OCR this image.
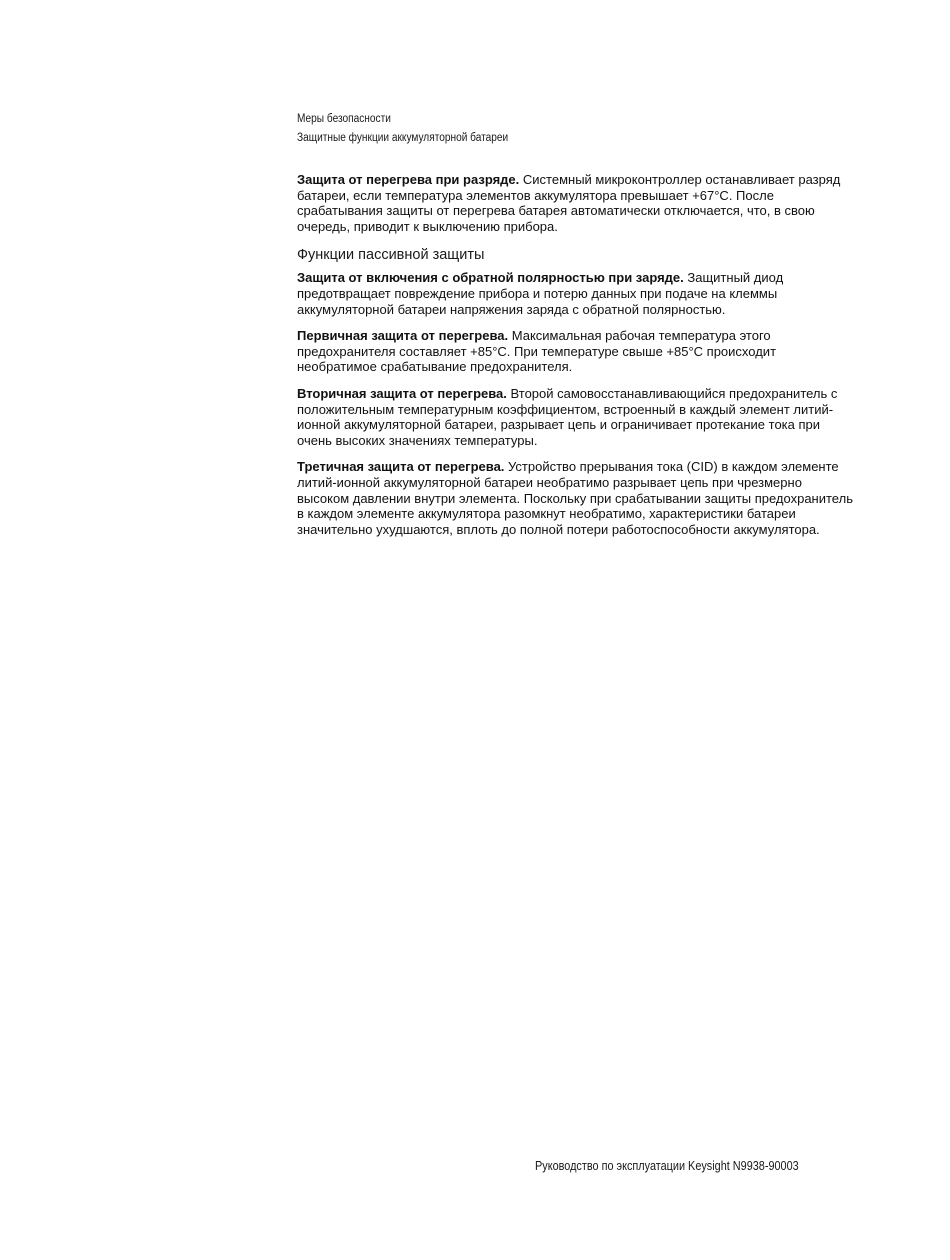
Меры безопасности
Защитные функции аккумуляторной батареи

Защита от перегрева при разряде. Системный микроконтроллер останавливает разряд батареи, если температура элементов аккумулятора превышает +67°C. После срабатывания защиты от перегрева батарея автоматически отключается, что, в свою очередь, приводит к выключению прибора.

Функции пассивной защиты

Защита от включения с обратной полярностью при заряде. Защитный диод предотвращает повреждение прибора и потерю данных при подаче на клеммы аккумуляторной батареи напряжения заряда с обратной полярностью.

Первичная защита от перегрева. Максимальная рабочая температура этого предохранителя составляет +85°C. При температуре свыше +85°C происходит необратимое срабатывание предохранителя.

Вторичная защита от перегрева. Второй самовосстанавливающийся предохранитель с положительным температурным коэффициентом, встроенный в каждый элемент литий-ионной аккумуляторной батареи, разрывает цепь и ограничивает протекание тока при очень высоких значениях температуры.

Третичная защита от перегрева. Устройство прерывания тока (CID) в каждом элементе литий-ионной аккумуляторной батареи необратимо разрывает цепь при чрезмерно высоком давлении внутри элемента. Поскольку при срабатывании защиты предохранитель в каждом элементе аккумулятора разомкнут необратимо, характеристики батареи значительно ухудшаются, вплоть до полной потери работоспособности аккумулятора.

Руководство по эксплуатации Keysight N9938-90003
